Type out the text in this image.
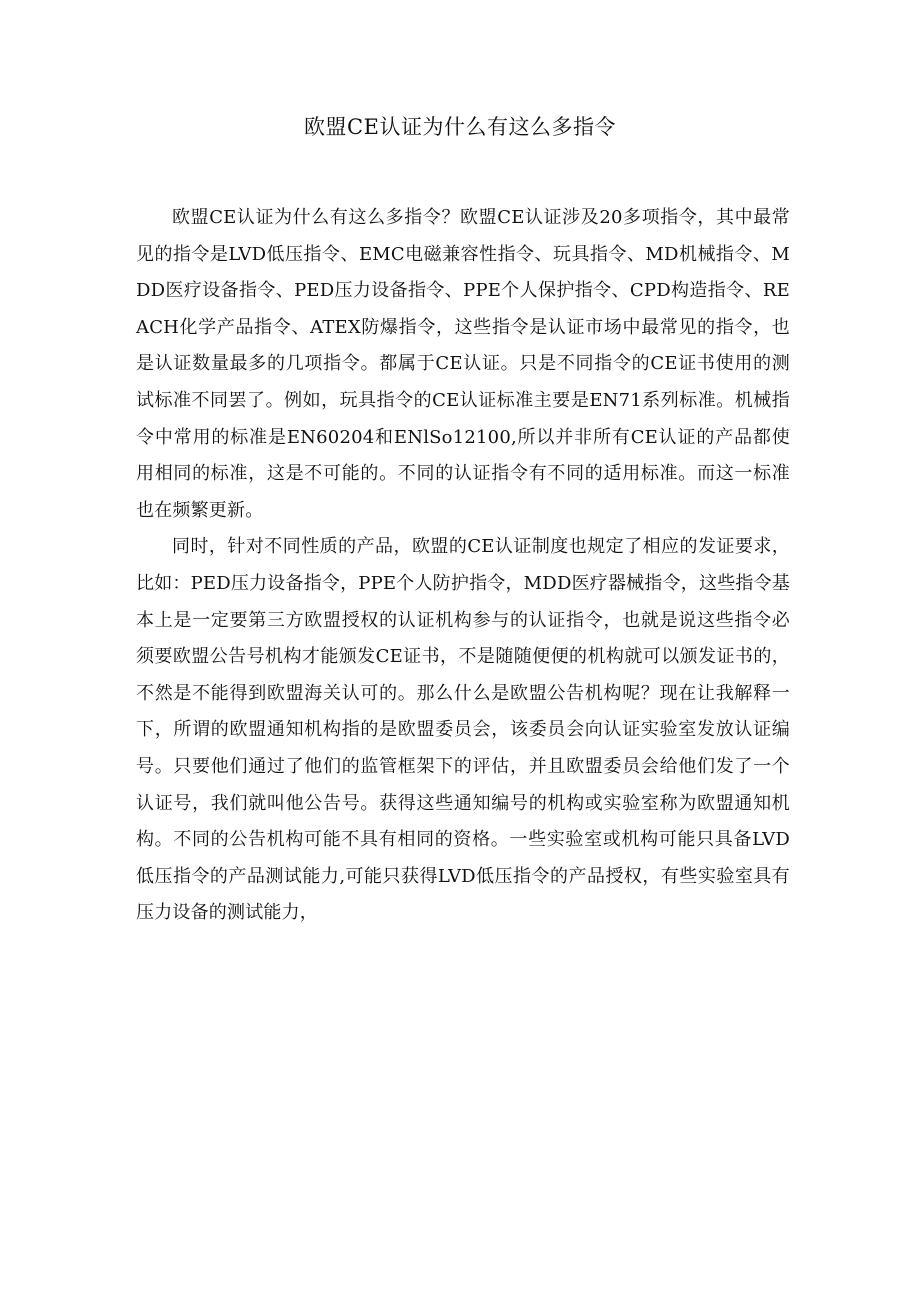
欧盟CE认证为什么有这么多指令

欧盟CE认证为什么有这么多指令？欧盟CE认证涉及20多项指令，其中最常见的指令是LVD低压指令、EMC电磁兼容性指令、玩具指令、MD机械指令、MDD医疗设备指令、PED压力设备指令、PPE个人保护指令、CPD构造指令、REACH化学产品指令、ATEX防爆指令，这些指令是认证市场中最常见的指令，也是认证数量最多的几项指令。都属于CE认证。只是不同指令的CE证书使用的测试标准不同罢了。例如，玩具指令的CE认证标准主要是EN71系列标准。机械指令中常用的标准是EN60204和ENlSo12100,所以并非所有CE认证的产品都使用相同的标准，这是不可能的。不同的认证指令有不同的适用标准。而这一标准也在频繁更新。

同时，针对不同性质的产品，欧盟的CE认证制度也规定了相应的发证要求，比如：PED压力设备指令，PPE个人防护指令，MDD医疗器械指令，这些指令基本上是一定要第三方欧盟授权的认证机构参与的认证指令，也就是说这些指令必须要欧盟公告号机构才能颁发CE证书，不是随随便便的机构就可以颁发证书的，不然是不能得到欧盟海关认可的。那么什么是欧盟公告机构呢？现在让我解释一下，所谓的欧盟通知机构指的是欧盟委员会，该委员会向认证实验室发放认证编号。只要他们通过了他们的监管框架下的评估，并且欧盟委员会给他们发了一个认证号，我们就叫他公告号。获得这些通知编号的机构或实验室称为欧盟通知机构。不同的公告机构可能不具有相同的资格。一些实验室或机构可能只具备LVD低压指令的产品测试能力,可能只获得LVD低压指令的产品授权，有些实验室具有压力设备的测试能力，
